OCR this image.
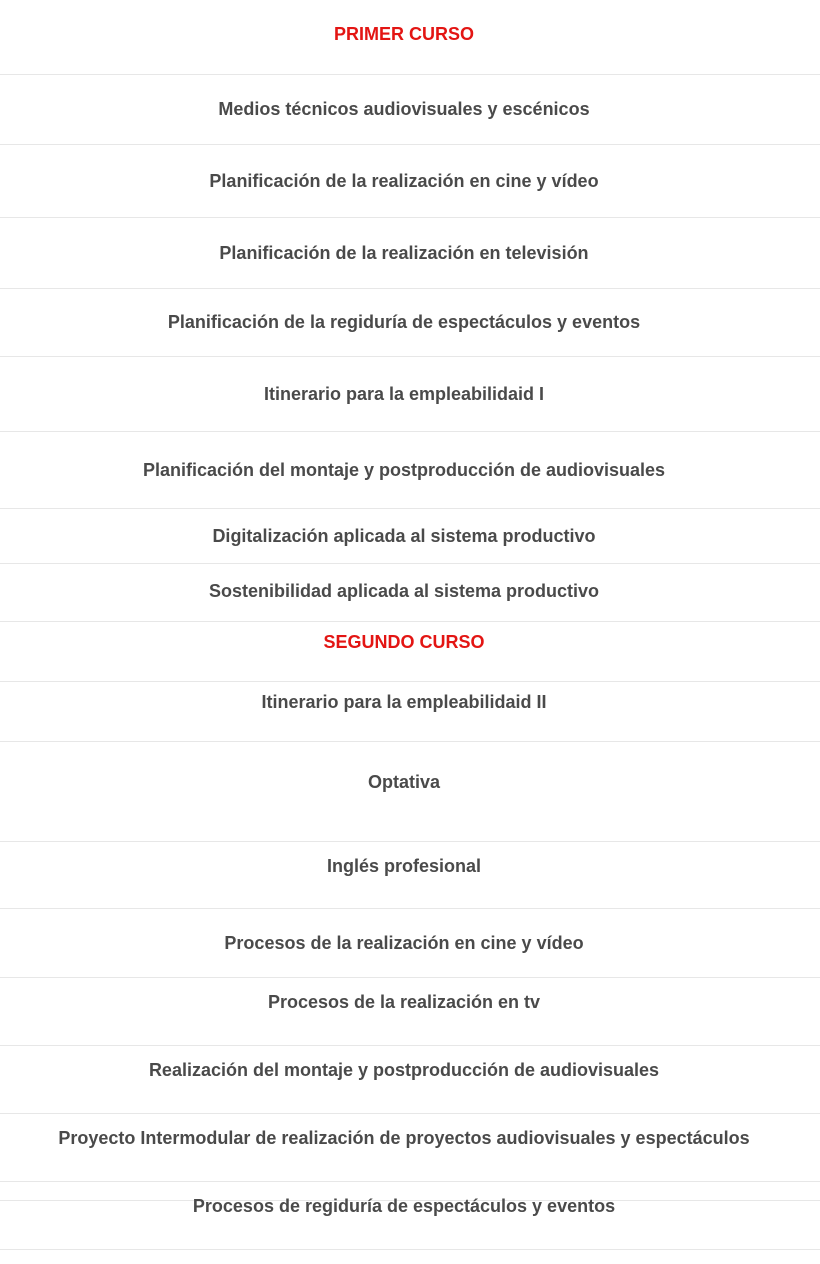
PRIMER CURSO
Medios técnicos audiovisuales y escénicos
Planificación de la realización en cine y vídeo
Planificación de la realización en televisión
Planificación de la regiduría de espectáculos y eventos
Itinerario para la empleabilidaid I
Planificación del montaje y postproducción de audiovisuales
Digitalización aplicada al sistema productivo
Sostenibilidad aplicada al sistema productivo
SEGUNDO CURSO
Itinerario para la empleabilidaid II
Optativa
Inglés profesional
Procesos de la realización en cine y vídeo
Procesos de la realización en tv
Realización del montaje y postproducción de audiovisuales
Proyecto Intermodular de realización de proyectos audiovisuales y espectáculos
Procesos de regiduría de espectáculos y eventos
